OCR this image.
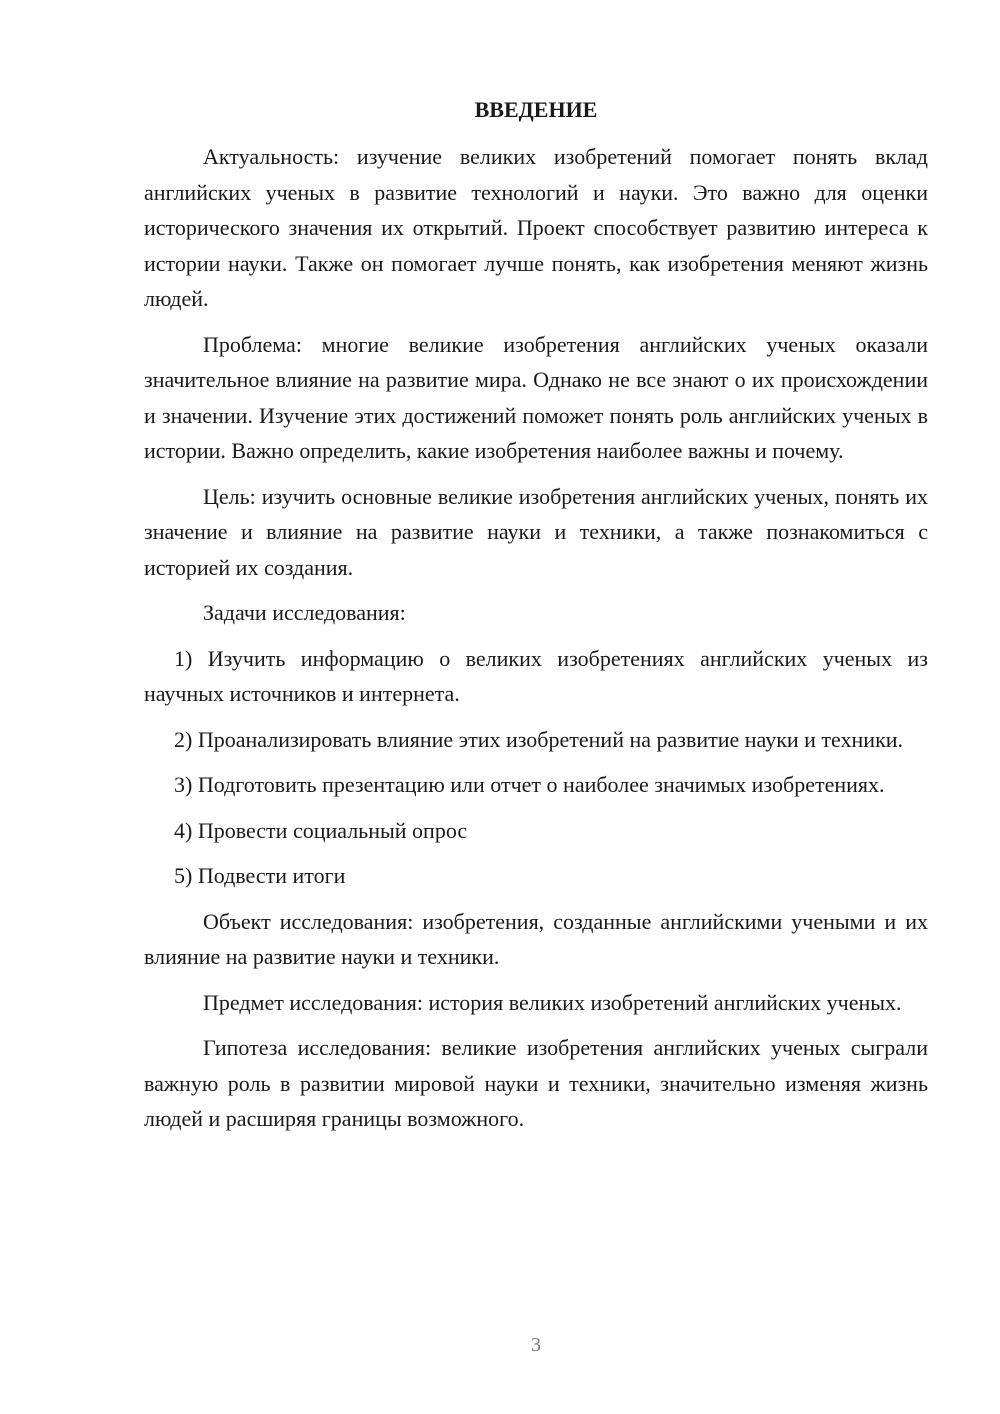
ВВЕДЕНИЕ

Актуальность: изучение великих изобретений помогает понять вклад английских ученых в развитие технологий и науки. Это важно для оценки исторического значения их открытий. Проект способствует развитию интереса к истории науки. Также он помогает лучше понять, как изобретения меняют жизнь людей.

Проблема: многие великие изобретения английских ученых оказали значительное влияние на развитие мира. Однако не все знают о их происхождении и значении. Изучение этих достижений поможет понять роль английских ученых в истории. Важно определить, какие изобретения наиболее важны и почему.

Цель: изучить основные великие изобретения английских ученых, понять их значение и влияние на развитие науки и техники, а также познакомиться с историей их создания.

Задачи исследования:

1) Изучить информацию о великих изобретениях английских ученых из научных источников и интернета.

2) Проанализировать влияние этих изобретений на развитие науки и техники.

3) Подготовить презентацию или отчет о наиболее значимых изобретениях.

4) Провести социальный опрос

5) Подвести итоги

Объект исследования: изобретения, созданные английскими учеными и их влияние на развитие науки и техники.

Предмет исследования: история великих изобретений английских ученых.

Гипотеза исследования: великие изобретения английских ученых сыграли важную роль в развитии мировой науки и техники, значительно изменяя жизнь людей и расширяя границы возможного.

3
